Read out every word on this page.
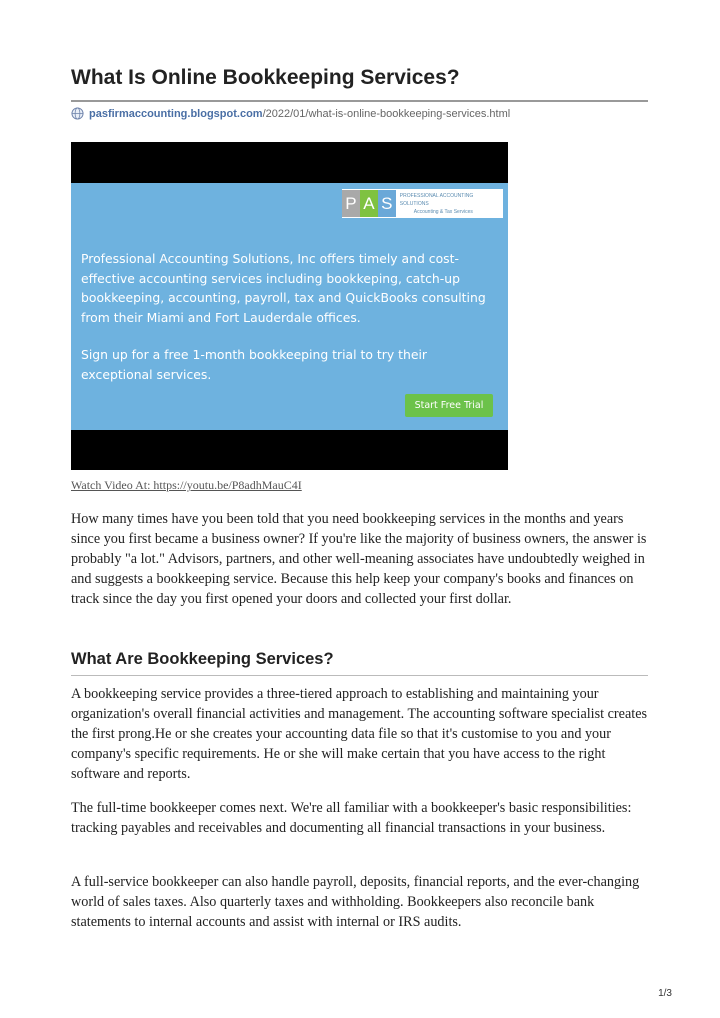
What Is Online Bookkeeping Services?
pasfirmaccounting.blogspot.com /2022/01/what-is-online-bookkeeping-services.html
P A S	PROFESSIONAL ACCOUNTING SOLUTIONS
Accounting & Tax Services

Professional Accounting Solutions, Inc offers timely and cost-effective accounting services including bookkeping, catch-up bookkeeping, accounting, payroll, tax and QuickBooks consulting from their Miami and Fort Lauderdale offices.

Sign up for a free 1-month bookkeeping trial to try their exceptional services.

Start Free Trial
Watch Video At: https://youtu.be/P8adhMauC4I

How many times have you been told that you need bookkeeping services in the months and years since you first became a business owner? If you're like the majority of business owners, the answer is probably "a lot." Advisors, partners, and other well-meaning associates have undoubtedly weighed in and suggests a bookkeeping service. Because this help keep your company's books and finances on track since the day you first opened your doors and collected your first dollar.

What Are Bookkeeping Services?

A bookkeeping service provides a three-tiered approach to establishing and maintaining your organization's overall financial activities and management. The accounting software specialist creates the first prong.He or she creates your accounting data file so that it's customise to you and your company's specific requirements. He or she will make certain that you have access to the right software and reports.

The full-time bookkeeper comes next. We're all familiar with a bookkeeper's basic responsibilities: tracking payables and receivables and documenting all financial transactions in your business.

A full-service bookkeeper can also handle payroll, deposits, financial reports, and the ever-changing world of sales taxes. Also quarterly taxes and withholding. Bookkeepers also reconcile bank statements to internal accounts and assist with internal or IRS audits.

1/3
